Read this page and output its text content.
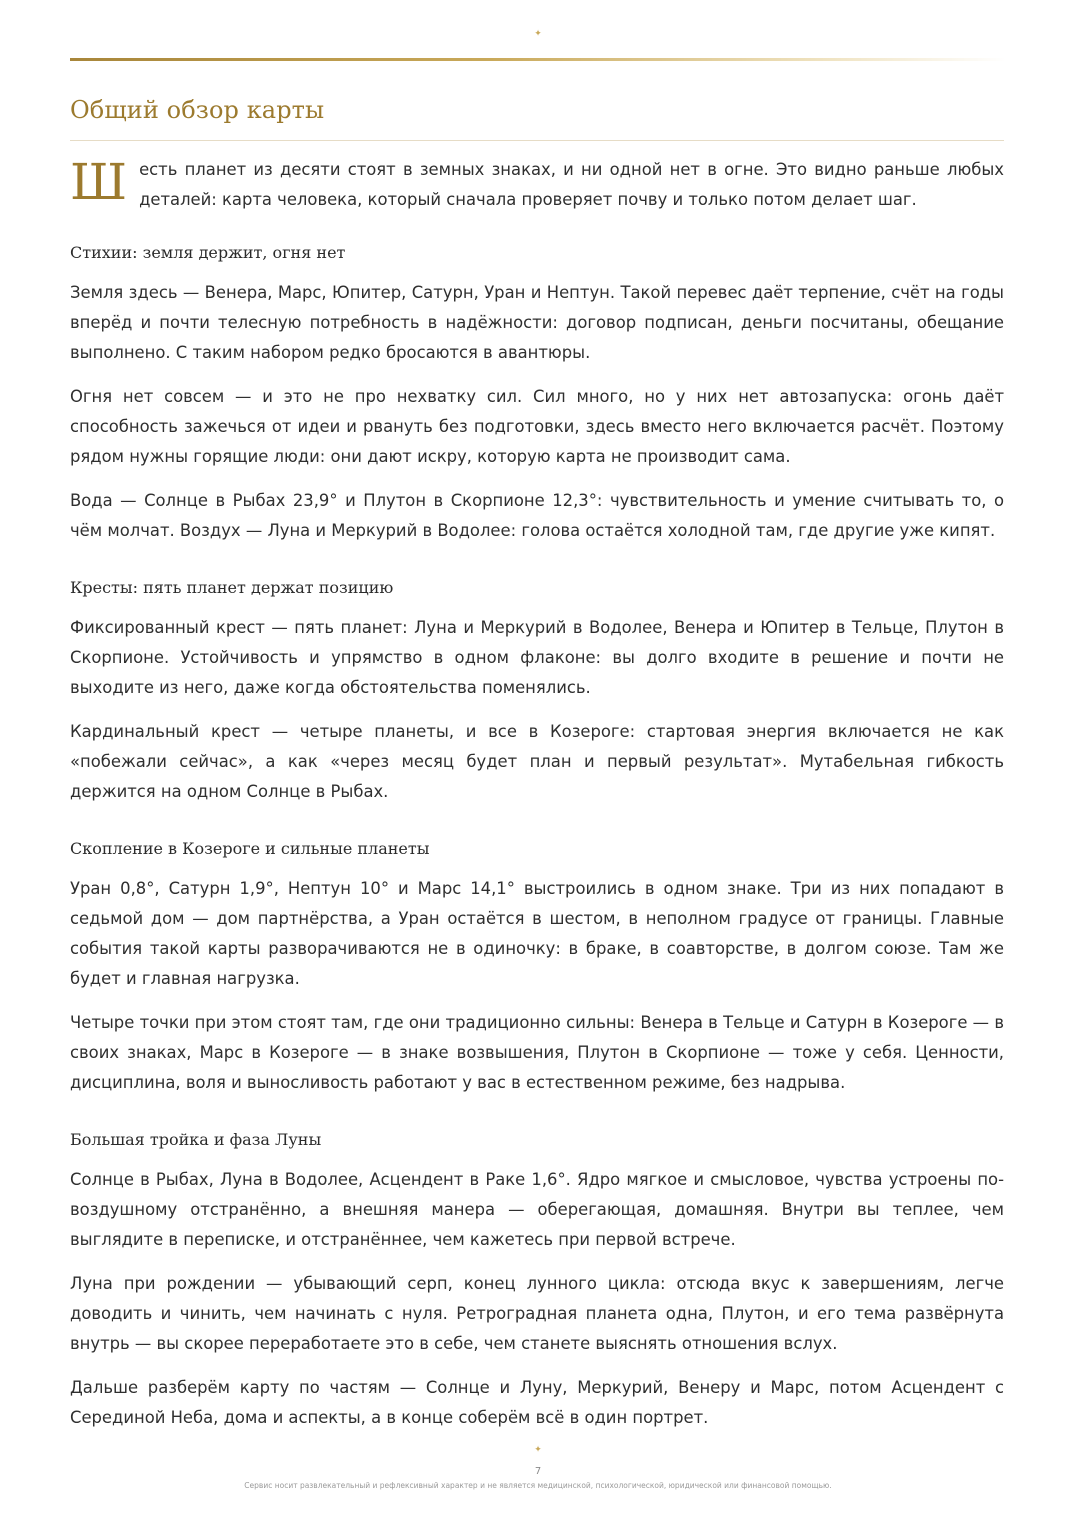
✦
Общий обзор карты
Ш есть планет из десяти стоят в земных знаках, и ни одной нет в огне. Это видно раньше любых деталей: карта человека, который сначала проверяет почву и только потом делает шаг.

Стихии: земля держит, огня нет

Земля здесь — Венера, Марс, Юпитер, Сатурн, Уран и Нептун. Такой перевес даёт терпение, счёт на годы вперёд и почти телесную потребность в надёжности: договор подписан, деньги посчитаны, обещание выполнено. С таким набором редко бросаются в авантюры.

Огня нет совсем — и это не про нехватку сил. Сил много, но у них нет автозапуска: огонь даёт способность зажечься от идеи и рвануть без подготовки, здесь вместо него включается расчёт. Поэтому рядом нужны горящие люди: они дают искру, которую карта не производит сама.

Вода — Солнце в Рыбах 23,9° и Плутон в Скорпионе 12,3°: чувствительность и умение считывать то, о чём молчат. Воздух — Луна и Меркурий в Водолее: голова остаётся холодной там, где другие уже кипят.

Кресты: пять планет держат позицию

Фиксированный крест — пять планет: Луна и Меркурий в Водолее, Венера и Юпитер в Тельце, Плутон в Скорпионе. Устойчивость и упрямство в одном флаконе: вы долго входите в решение и почти не выходите из него, даже когда обстоятельства поменялись.

Кардинальный крест — четыре планеты, и все в Козероге: стартовая энергия включается не как «побежали сейчас», а как «через месяц будет план и первый результат». Мутабельная гибкость держится на одном Солнце в Рыбах.

Скопление в Козероге и сильные планеты

Уран 0,8°, Сатурн 1,9°, Нептун 10° и Марс 14,1° выстроились в одном знаке. Три из них попадают в седьмой дом — дом партнёрства, а Уран остаётся в шестом, в неполном градусе от границы. Главные события такой карты разворачиваются не в одиночку: в браке, в соавторстве, в долгом союзе. Там же будет и главная нагрузка.

Четыре точки при этом стоят там, где они традиционно сильны: Венера в Тельце и Сатурн в Козероге — в своих знаках, Марс в Козероге — в знаке возвышения, Плутон в Скорпионе — тоже у себя. Ценности, дисциплина, воля и выносливость работают у вас в естественном режиме, без надрыва.

Большая тройка и фаза Луны

Солнце в Рыбах, Луна в Водолее, Асцендент в Раке 1,6°. Ядро мягкое и смысловое, чувства устроены по-воздушному отстранённо, а внешняя манера — оберегающая, домашняя. Внутри вы теплее, чем выглядите в переписке, и отстранённее, чем кажетесь при первой встрече.

Луна при рождении — убывающий серп, конец лунного цикла: отсюда вкус к завершениям, легче доводить и чинить, чем начинать с нуля. Ретроградная планета одна, Плутон, и его тема развёрнута внутрь — вы скорее переработаете это в себе, чем станете выяснять отношения вслух.

Дальше разберём карту по частям — Солнце и Луну, Меркурий, Венеру и Марс, потом Асцендент с Серединой Неба, дома и аспекты, а в конце соберём всё в один портрет.

✦
7
Сервис носит развлекательный и рефлексивный характер и не является медицинской, психологической, юридической или финансовой помощью.
